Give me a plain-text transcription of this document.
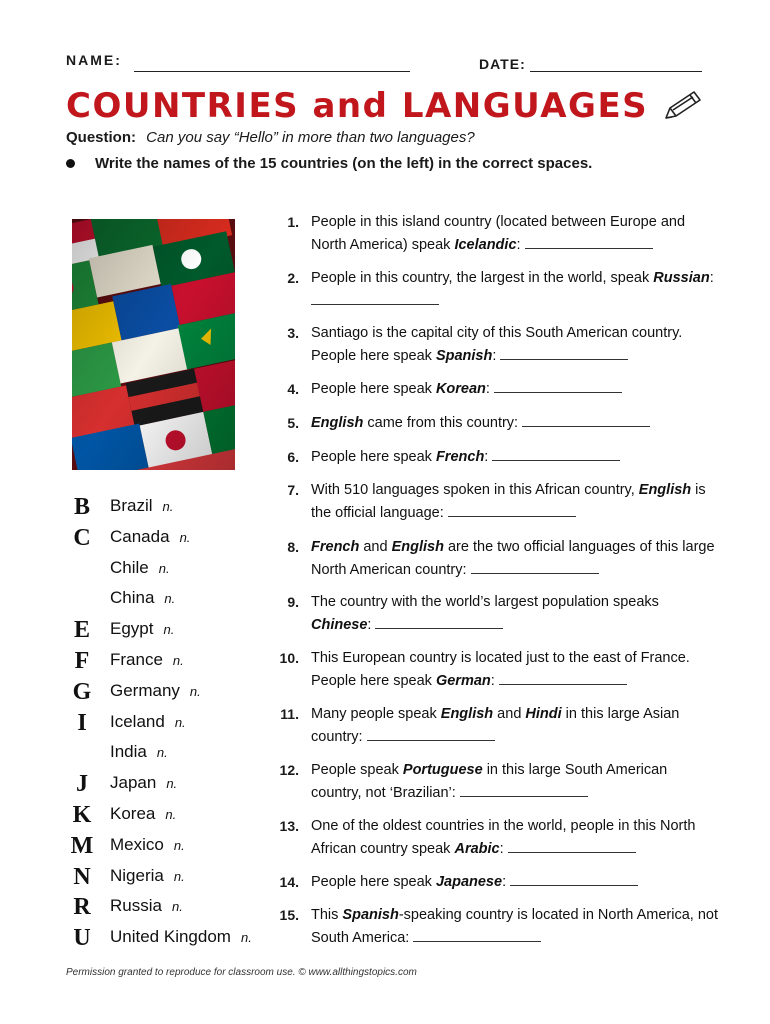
NAME:	DATE:
COUNTRIES and LANGUAGES
Question: Can you say “Hello” in more than two languages?
Write the names of the 15 countries (on the left) in the correct spaces.
B Brazil n.
C Canada n.
Chile n.
China n.
E Egypt n.
F France n.
G Germany n.
I	Iceland n.
India n.
J	Japan n.
K Korea n.
M Mexico n.
N Nigeria n.
R Russia n.
U United Kingdom n.
1. People in this island country (located between Europe and North America) speak Icelandic:
2. People in this country, the largest in the world, speak Russian:
3. Santiago is the capital city of this South American country. People here speak Spanish:
4. People here speak Korean:
5. English came from this country:
6. People here speak French:
7. With 510 languages spoken in this African country, English is the official language:
8. French and English are the two official languages of this large North American country:
9. The country with the world’s largest population speaks Chinese:
10. This European country is located just to the east of France. People here speak German:
11. Many people speak English and Hindi in this large Asian country:
12. People speak Portuguese in this large South American country, not ‘Brazilian’:
13. One of the oldest countries in the world, people in this North African country speak Arabic:
14. People here speak Japanese:
15. This Spanish-speaking country is located in North America, not South America:
Permission granted to reproduce for classroom use. © www.allthingstopics.com
